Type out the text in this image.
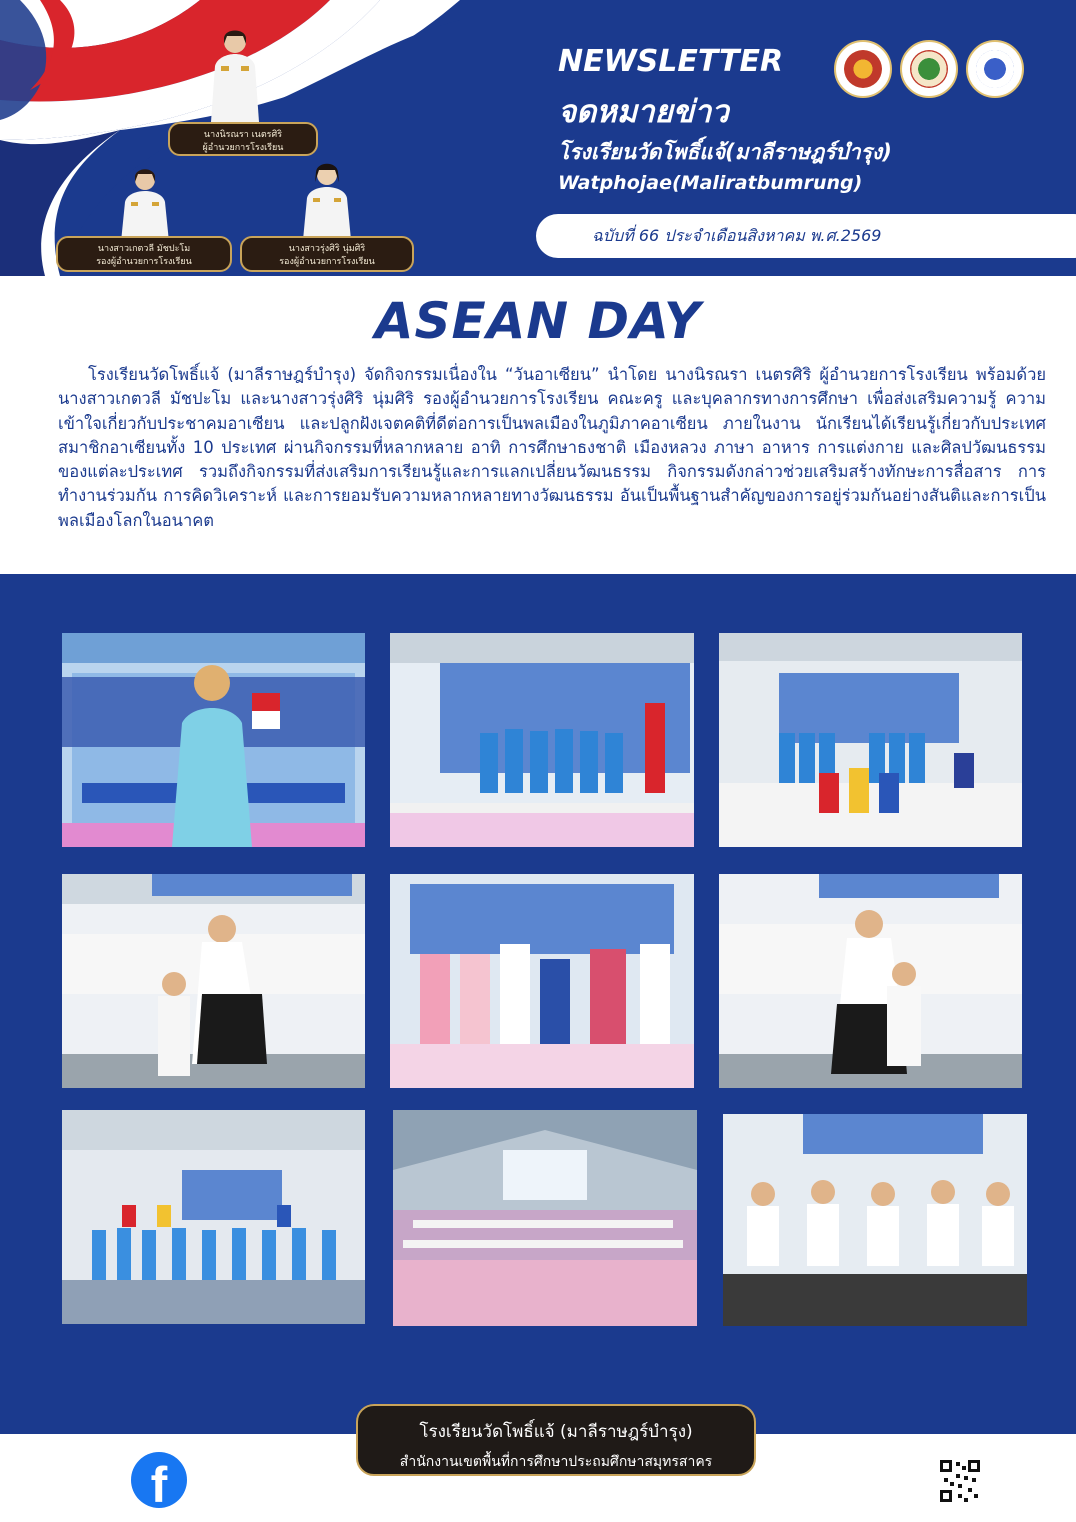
นางนิรณรา เนตรศิริ
ผู้อำนวยการโรงเรียน
นางสาวเกตวลี มัชปะโม
รองผู้อำนวยการโรงเรียน
นางสาวรุ่งศิริ นุ่มศิริ
รองผู้อำนวยการโรงเรียน
NEWSLETTER
จดหมายข่าว
โรงเรียนวัดโพธิ์แจ้(มาลีราษฎร์บำรุง)
Watphojae(Maliratbumrung)
ฉบับที่ 66 ประจำเดือนสิงหาคม พ.ศ.2569
ASEAN DAY
โรงเรียนวัดโพธิ์แจ้ (มาลีราษฎร์บำรุง) จัดกิจกรรมเนื่องใน “วันอาเซียน” นำโดย นางนิรณรา เนตรศิริ ผู้อำนวยการโรงเรียน พร้อมด้วย นางสาวเกตวลี มัชปะโม และนางสาวรุ่งศิริ นุ่มศิริ รองผู้อำนวยการโรงเรียน คณะครู และบุคลากรทางการศึกษา เพื่อส่งเสริมความรู้ ความเข้าใจเกี่ยวกับประชาคมอาเซียน และปลูกฝังเจตคติที่ดีต่อการเป็นพลเมืองในภูมิภาคอาเซียน ภายในงาน นักเรียนได้เรียนรู้เกี่ยวกับประเทศสมาชิกอาเซียนทั้ง 10 ประเทศ ผ่านกิจกรรมที่หลากหลาย อาทิ การศึกษาธงชาติ เมืองหลวง ภาษา อาหาร การแต่งกาย และศิลปวัฒนธรรมของแต่ละประเทศ รวมถึงกิจกรรมที่ส่งเสริมการเรียนรู้และการแลกเปลี่ยนวัฒนธรรม กิจกรรมดังกล่าวช่วยเสริมสร้างทักษะการสื่อสาร การทำงานร่วมกัน การคิดวิเคราะห์ และการยอมรับความหลากหลายทางวัฒนธรรม อันเป็นพื้นฐานสำคัญของการอยู่ร่วมกันอย่างสันติและการเป็นพลเมืองโลกในอนาคต
โรงเรียนวัดโพธิ์แจ้ (มาลีราษฎร์บำรุง)
สำนักงานเขตพื้นที่การศึกษาประถมศึกษาสมุทรสาคร
f
